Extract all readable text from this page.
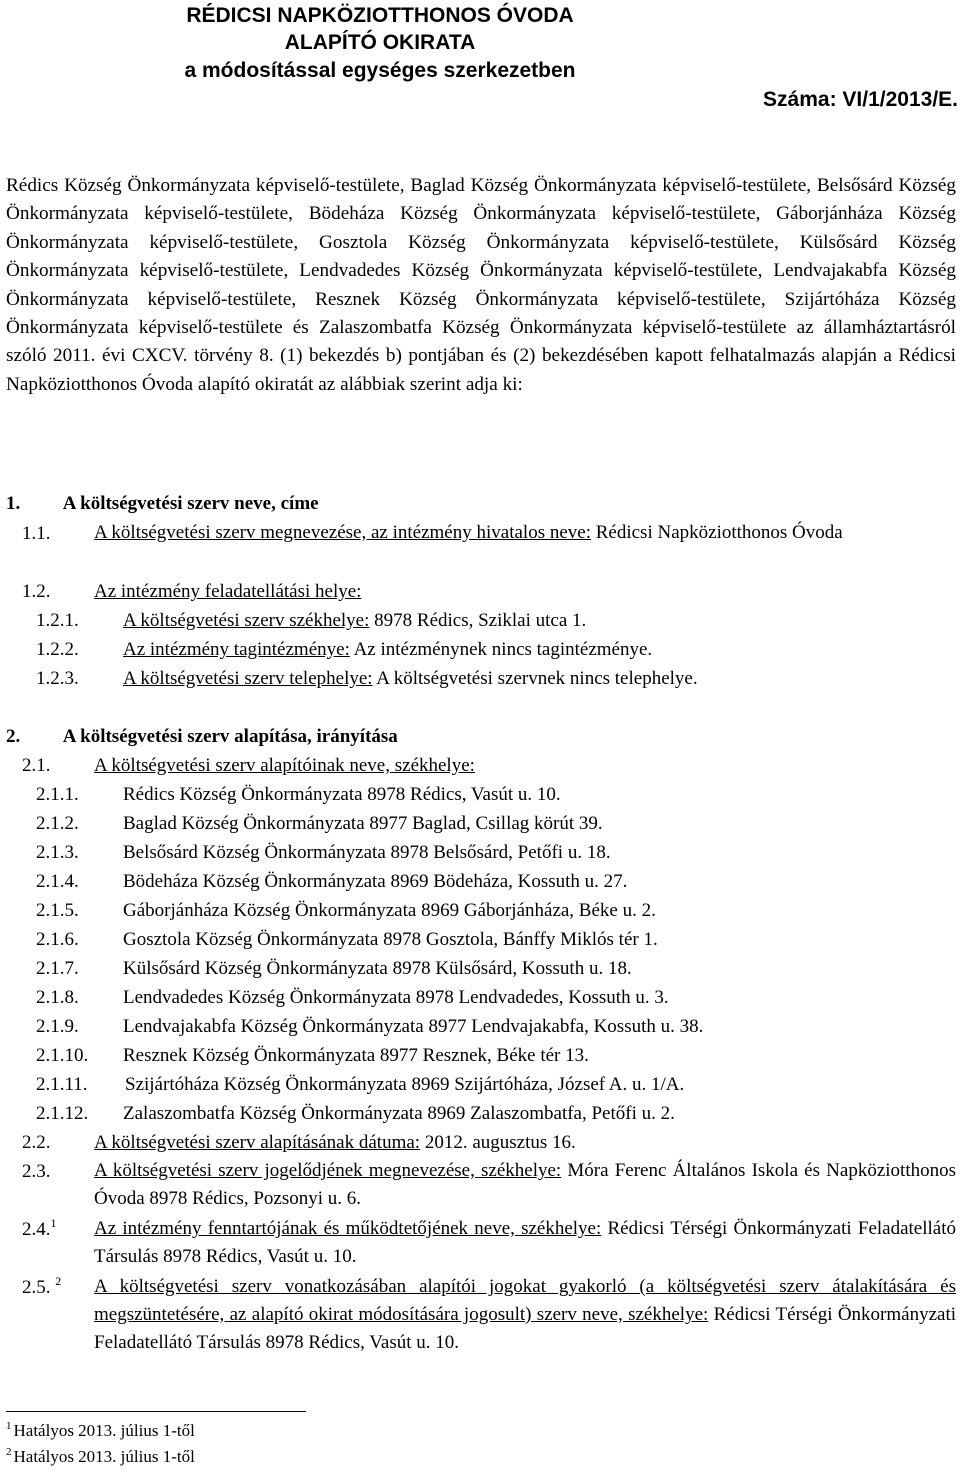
RÉDICSI NAPKÖZIOTTHONOS ÓVODA
ALAPÍTÓ OKIRATA
a módosítással egységes szerkezetben
Száma: VI/1/2013/E.
Rédics Község Önkormányzata képviselő-testülete, Baglad Község Önkormányzata képviselő-testülete, Belsősárd Község Önkormányzata képviselő-testülete, Bödeháza Község Önkormányzata képviselő-testülete, Gáborjánháza Község Önkormányzata képviselő-testülete, Gosztola Község Önkormányzata képviselő-testülete, Külsősárd Község Önkormányzata képviselő-testülete, Lendvadedes Község Önkormányzata képviselő-testülete, Lendvajakabfa Község Önkormányzata képviselő-testülete, Resznek Község Önkormányzata képviselő-testülete, Szijártóháza Község Önkormányzata képviselő-testülete és Zalaszombatfa Község Önkormányzata képviselő-testülete az államháztartásról szóló 2011. évi CXCV. törvény 8. (1) bekezdés b) pontjában és (2) bekezdésében kapott felhatalmazás alapján a Rédicsi Napköziotthonos Óvoda alapító okiratát az alábbiak szerint adja ki:
1. A költségvetési szerv neve, címe
1.1. A költségvetési szerv megnevezése, az intézmény hivatalos neve: Rédicsi Napköziotthonos Óvoda
1.2. Az intézmény feladatellátási helye:
1.2.1. A költségvetési szerv székhelye: 8978 Rédics, Sziklai utca 1.
1.2.2. Az intézmény tagintézménye: Az intézménynek nincs tagintézménye.
1.2.3. A költségvetési szerv telephelye: A költségvetési szervnek nincs telephelye.
2. A költségvetési szerv alapítása, irányítása
2.1. A költségvetési szerv alapítóinak neve, székhelye:
2.1.1. Rédics Község Önkormányzata 8978 Rédics, Vasút u. 10.
2.1.2. Baglad Község Önkormányzata 8977 Baglad, Csillag körút 39.
2.1.3. Belsősárd Község Önkormányzata 8978 Belsősárd, Petőfi u. 18.
2.1.4. Bödeháza Község Önkormányzata 8969 Bödeháza, Kossuth u. 27.
2.1.5. Gáborjánháza Község Önkormányzata 8969 Gáborjánháza, Béke u. 2.
2.1.6. Gosztola Község Önkormányzata 8978 Gosztola, Bánffy Miklós tér 1.
2.1.7. Külsősárd Község Önkormányzata 8978 Külsősárd, Kossuth u. 18.
2.1.8. Lendvadedes Község Önkormányzata 8978 Lendvadedes, Kossuth u. 3.
2.1.9. Lendvajakabfa Község Önkormányzata 8977 Lendvajakabfa, Kossuth u. 38.
2.1.10. Resznek Község Önkormányzata 8977 Resznek, Béke tér 13.
2.1.11. Szijártóháza Község Önkormányzata 8969 Szijártóháza, József A. u. 1/A.
2.1.12. Zalaszombatfa Község Önkormányzata 8969 Zalaszombatfa, Petőfi u. 2.
2.2. A költségvetési szerv alapításának dátuma: 2012. augusztus 16.
2.3. A költségvetési szerv jogelődjének megnevezése, székhelye: Móra Ferenc Általános Iskola és Napköziotthonos Óvoda 8978 Rédics, Pozsonyi u. 6.
2.4.$^1$ Az intézmény fenntartójának és működtetőjének neve, székhelye: Rédicsi Térségi Önkormányzati Feladatellátó Társulás 8978 Rédics, Vasút u. 10.
2.5. $^2$ A költségvetési szerv vonatkozásában alapítói jogokat gyakorló (a költségvetési szerv átalakítására és megszüntetésére, az alapító okirat módosítására jogosult) szerv neve, székhelye: Rédicsi Térségi Önkormányzati Feladatellátó Társulás 8978 Rédics, Vasút u. 10.
$^1$ Hatályos 2013. július 1-től
$^2$ Hatályos 2013. július 1-től
